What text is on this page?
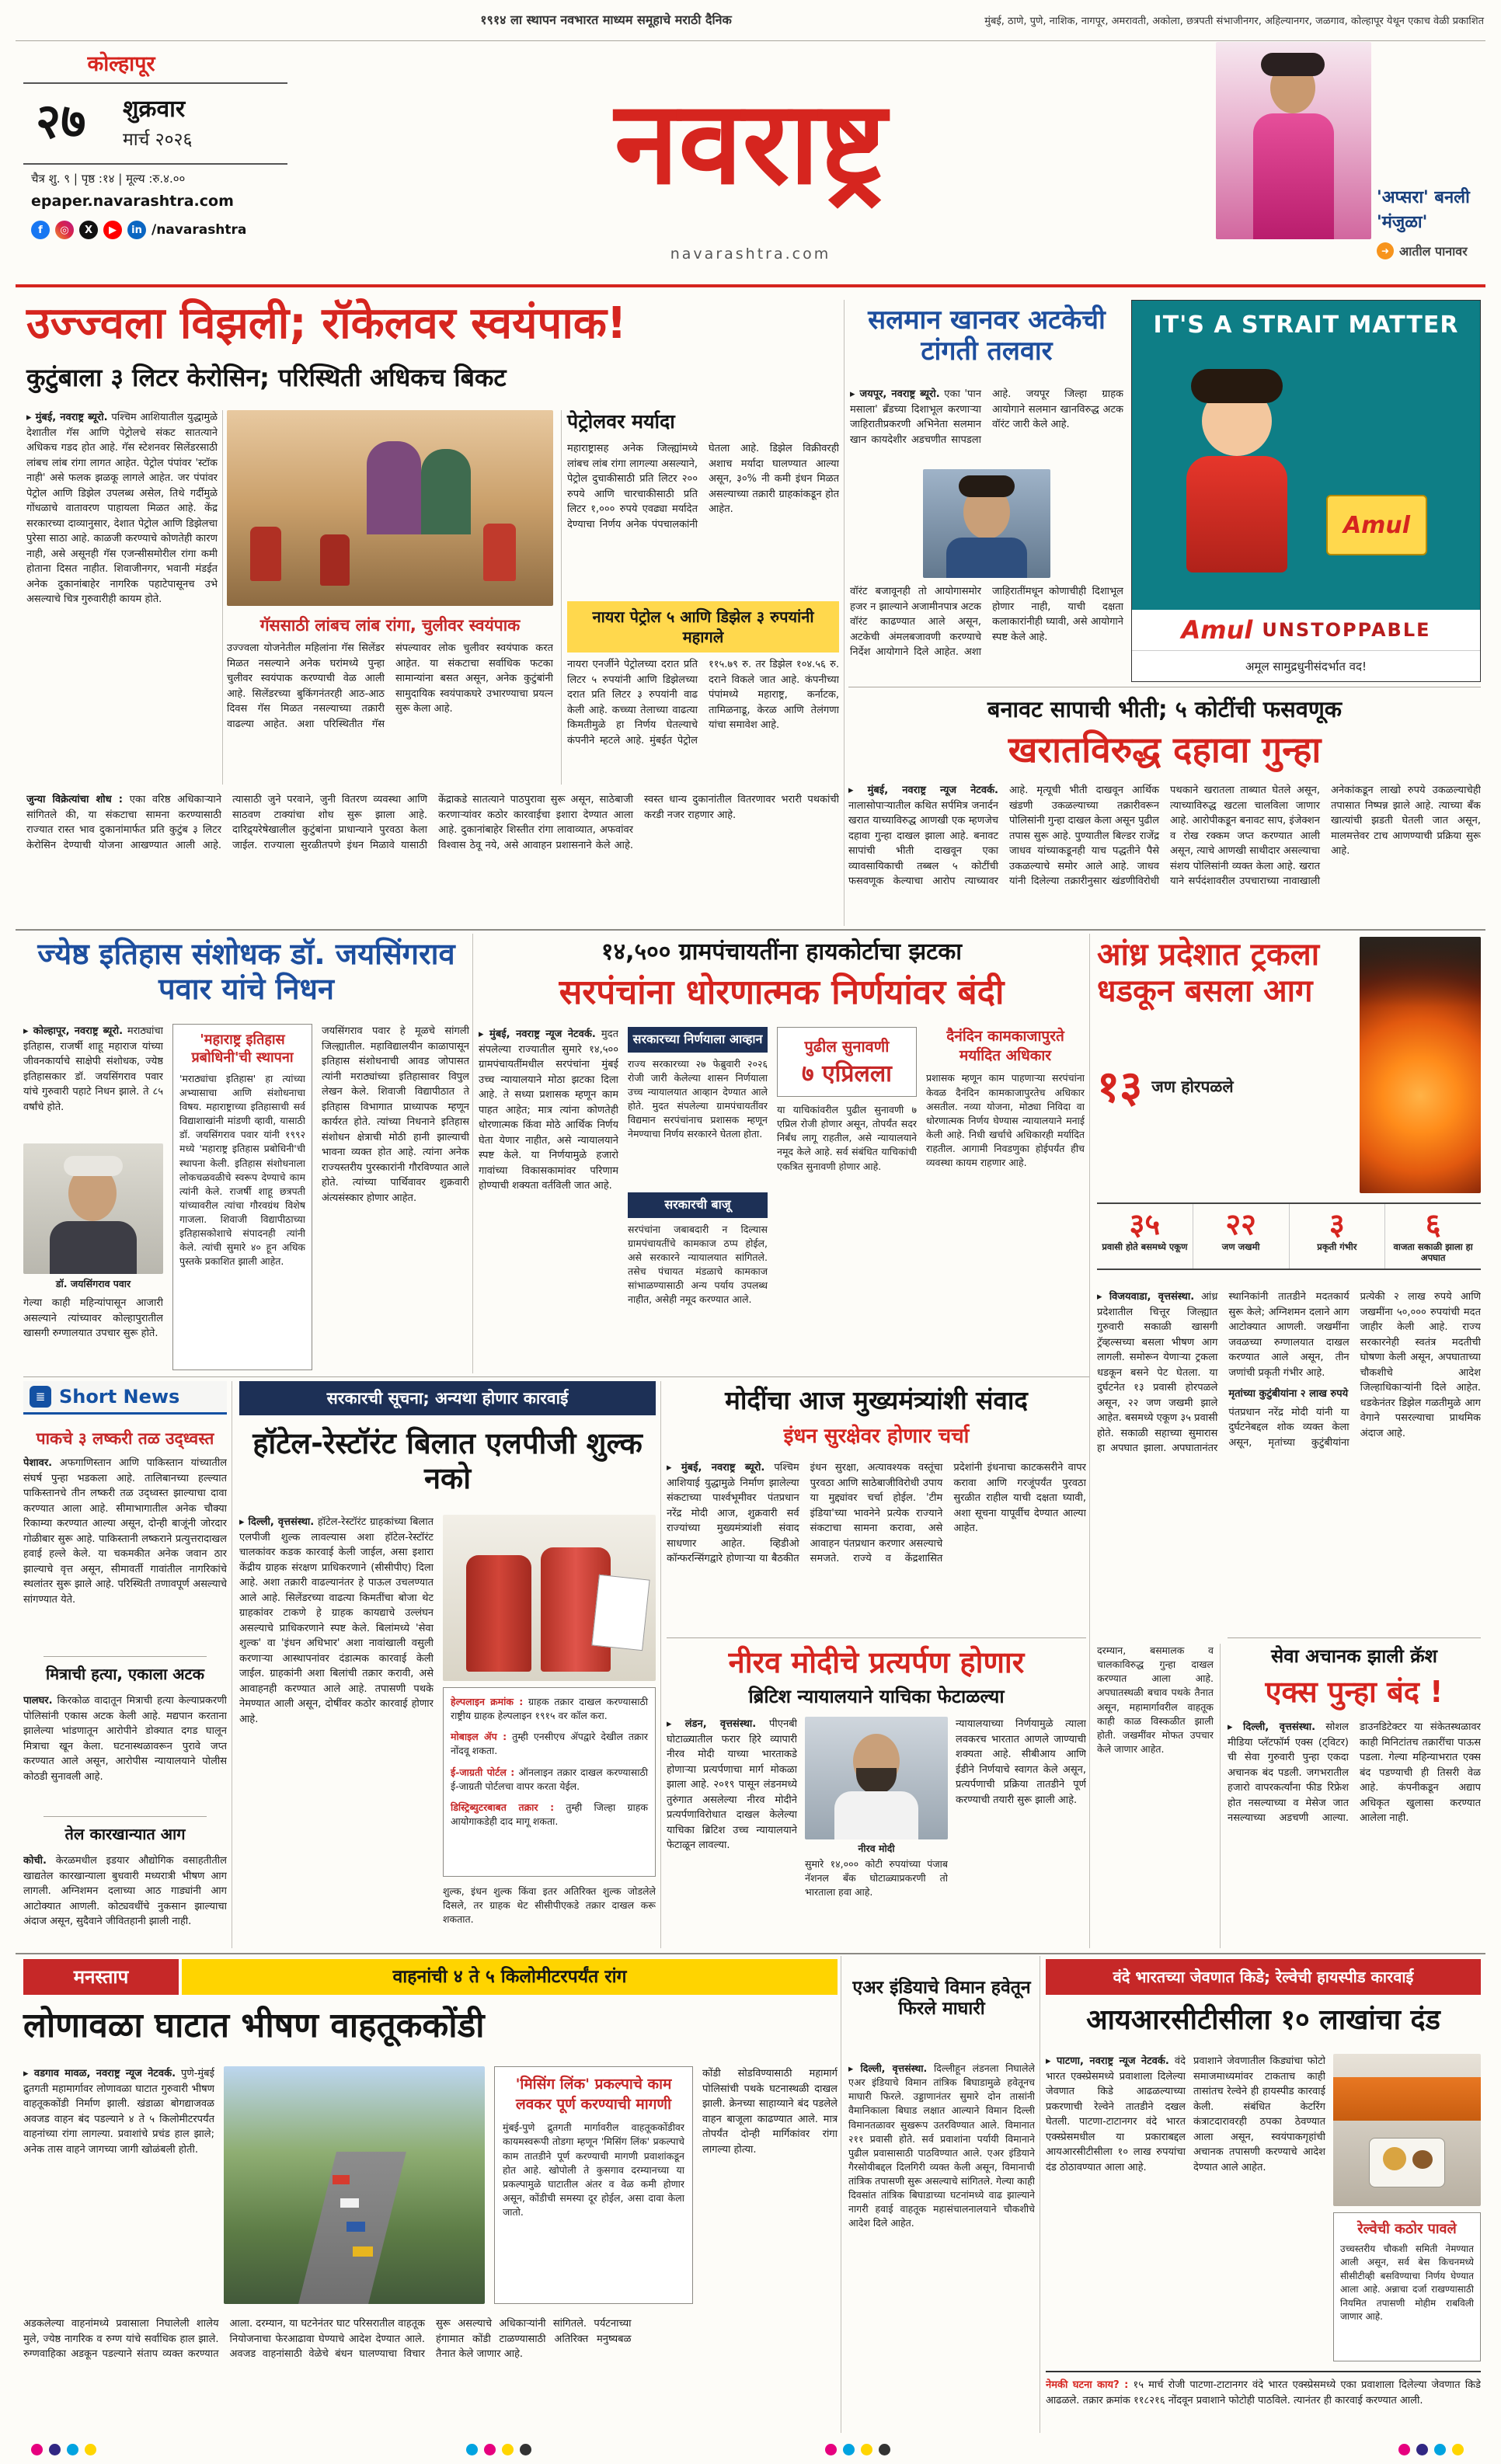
१९१४ ला स्थापन नवभारत माध्यम समूहाचे मराठी दैनिक	मुंबई, ठाणे, पुणे, नाशिक, नागपूर, अमरावती, अकोला, छत्रपती संभाजीनगर, अहिल्यानगर, जळगाव, कोल्हापूर येथून एकाच वेळी प्रकाशित
कोल्हापूर
२७ शुक्रवार
मार्च २०२६
चैत्र शु. ९ | पृष्ठ :१४ | मूल्य :रु.४.००
epaper.navarashtra.com
f	◎	X	▶	in /navarashtra
नवराष्ट्र
navarashtra.com
'अप्सरा' बनली
'मंजुळा'
➜ आतील पानावर
उज्ज्वला विझली; रॉकेलवर स्वयंपाक!
कुटुंबाला ३ लिटर केरोसिन; परिस्थिती अधिकच बिकट
▸ मुंबई, नवराष्ट्र ब्यूरो. पश्चिम आशियातील युद्धामुळे देशातील गॅस आणि पेट्रोलचे संकट सातत्याने अधिकच गडद होत आहे. गॅस स्टेशनवर सिलेंडरसाठी लांबच लांब रांगा लागत आहेत. पेट्रोल पंपांवर 'स्टॉक नाही' असे फलक झळकू लागले आहेत. जर पंपांवर पेट्रोल आणि डिझेल उपलब्ध असेल, तिथे गर्दीमुळे गोंधळाचे वातावरण पाहायला मिळत आहे. केंद्र सरकारच्या दाव्यानुसार, देशात पेट्रोल आणि डिझेलचा पुरेसा साठा आहे. काळजी करण्याचे कोणतेही कारण नाही, असे असूनही गॅस एजन्सीसमोरील रांगा कमी होताना दिसत नाहीत. शिवाजीनगर, भवानी मंडईत अनेक दुकानांबाहेर नागरिक पहाटेपासूनच उभे असल्याचे चित्र गुरुवारीही कायम होते.
गॅससाठी लांबच लांब रांगा, चुलीवर स्वयंपाक
उज्ज्वला योजनेतील महिलांना गॅस सिलेंडर मिळत नसल्याने अनेक घरांमध्ये पुन्हा चुलीवर स्वयंपाक करण्याची वेळ आली आहे. सिलेंडरच्या बुकिंगनंतरही आठ-आठ दिवस गॅस मिळत नसल्याच्या तक्रारी वाढल्या आहेत. अशा परिस्थितीत गॅस संपल्यावर लोक चुलीवर स्वयंपाक करत आहेत. या संकटाचा सर्वाधिक फटका सामान्यांना बसत असून, अनेक कुटुंबांनी सामुदायिक स्वयंपाकघरे उभारण्याचा प्रयत्न सुरू केला आहे.
पेट्रोलवर मर्यादा
महाराष्ट्रासह अनेक जिल्ह्यांमध्ये लांबच लांब रांगा लागल्या असल्याने, पेट्रोल दुचाकीसाठी प्रति लिटर २०० रुपये आणि चारचाकीसाठी प्रति लिटर १,००० रुपये एवढ्या मर्यादेत देण्याचा निर्णय अनेक पंपचालकांनी घेतला आहे. डिझेल विक्रीवरही अशाच मर्यादा घालण्यात आल्या असून, ३०% नी कमी इंधन मिळत असल्याच्या तक्रारी ग्राहकांकडून होत आहेत.
नायरा पेट्रोल ५ आणि डिझेल ३ रुपयांनी महागले
नायरा एनर्जीने पेट्रोलच्या दरात प्रति लिटर ५ रुपयांनी आणि डिझेलच्या दरात प्रति लिटर ३ रुपयांनी वाढ केली आहे. कच्च्या तेलाच्या वाढत्या किमतीमुळे हा निर्णय घेतल्याचे कंपनीने म्हटले आहे. मुंबईत पेट्रोल ११५.७९ रु. तर डिझेल १०४.५६ रु. दराने विकले जात आहे. कंपनीच्या पंपांमध्ये महाराष्ट्र, कर्नाटक, तामिळनाडू, केरळ आणि तेलंगणा यांचा समावेश आहे.
जुन्या विक्रेत्यांचा शोध : एका वरिष्ठ अधिकाऱ्याने सांगितले की, या संकटाचा सामना करण्यासाठी राज्यात रास्त भाव दुकानांमार्फत प्रति कुटुंब ३ लिटर केरोसिन देण्याची योजना आखण्यात आली आहे. त्यासाठी जुने परवाने, जुनी वितरण व्यवस्था आणि साठवण टाक्यांचा शोध सुरू झाला आहे. दारिद्र्यरेषेखालील कुटुंबांना प्राधान्याने पुरवठा केला जाईल. राज्याला सुरळीतपणे इंधन मिळावे यासाठी केंद्राकडे सातत्याने पाठपुरावा सुरू असून, साठेबाजी करणाऱ्यांवर कठोर कारवाईचा इशारा देण्यात आला आहे. दुकानांबाहेर शिस्तीत रांगा लावाव्यात, अफवांवर विश्वास ठेवू नये, असे आवाहन प्रशासनाने केले आहे. स्वस्त धान्य दुकानांतील वितरणावर भरारी पथकांची करडी नजर राहणार आहे.
सलमान खानवर अटकेची टांगती तलवार
▸ जयपूर, नवराष्ट्र ब्यूरो. एका 'पान मसाला' ब्रँडच्या दिशाभूल करणाऱ्या जाहिरातीप्रकरणी अभिनेता सलमान खान कायदेशीर अडचणीत सापडला आहे. जयपूर जिल्हा ग्राहक आयोगाने सलमान खानविरुद्ध अटक वॉरंट जारी केले आहे.
वॉरंट बजावूनही तो आयोगासमोर हजर न झाल्याने अजामीनपात्र अटक वॉरंट काढण्यात आले असून, अटकेची अंमलबजावणी करण्याचे निर्देश आयोगाने दिले आहेत. अशा जाहिरातींमधून कोणाचीही दिशाभूल होणार नाही, याची दक्षता कलाकारांनीही घ्यावी, असे आयोगाने स्पष्ट केले आहे.
IT'S A STRAIT MATTER
Amul
Amul UNSTOPPABLE
अमूल सामुद्रधुनीसंदर्भात वद!
बनावट सापाची भीती; ५ कोटींची फसवणूक
खरातविरुद्ध दहावा गुन्हा
▸ मुंबई, नवराष्ट्र न्यूज नेटवर्क. नालासोपाऱ्यातील कथित सर्पमित्र जनार्दन खरात याच्याविरुद्ध आणखी एक म्हणजेच दहावा गुन्हा दाखल झाला आहे. बनावट सापांची भीती दाखवून एका व्यावसायिकाची तब्बल ५ कोटींची फसवणूक केल्याचा आरोप त्याच्यावर आहे. मृत्यूची भीती दाखवून आर्थिक खंडणी उकळल्याच्या तक्रारीवरून पोलिसांनी गुन्हा दाखल केला असून पुढील तपास सुरू आहे. पुण्यातील बिल्डर राजेंद्र जाधव यांच्याकडूनही याच पद्धतीने पैसे उकळल्याचे समोर आले आहे. जाधव यांनी दिलेल्या तक्रारीनुसार खंडणीविरोधी पथकाने खरातला ताब्यात घेतले असून, त्याच्याविरुद्ध खटला चालविला जाणार आहे. आरोपीकडून बनावट साप, इंजेक्शन व रोख रक्कम जप्त करण्यात आली असून, त्याचे आणखी साथीदार असल्याचा संशय पोलिसांनी व्यक्त केला आहे. खरात याने सर्पदंशावरील उपचाराच्या नावाखाली अनेकांकडून लाखो रुपये उकळल्याचेही तपासात निष्पन्न झाले आहे. त्याच्या बँक खात्यांची झडती घेतली जात असून, मालमत्तेवर टाच आणण्याची प्रक्रिया सुरू आहे.
ज्येष्ठ इतिहास संशोधक डॉ. जयसिंगराव पवार यांचे निधन
▸ कोल्हापूर, नवराष्ट्र ब्यूरो. मराठ्यांचा इतिहास, राजर्षी शाहू महाराज यांच्या जीवनकार्याचे साक्षेपी संशोधक, ज्येष्ठ इतिहासकार डॉ. जयसिंगराव पवार यांचे गुरुवारी पहाटे निधन झाले. ते ८५ वर्षांचे होते.
डॉ. जयसिंगराव पवार
गेल्या काही महिन्यांपासून आजारी असल्याने त्यांच्यावर कोल्हापुरातील खासगी रुग्णालयात उपचार सुरू होते.
'महाराष्ट्र इतिहास प्रबोधिनी'ची स्थापना
'मराठ्यांचा इतिहास' हा त्यांच्या अभ्यासाचा आणि संशोधनाचा विषय. महाराष्ट्राच्या इतिहासाची सर्व विद्याशाखांनी मांडणी व्हावी, यासाठी डॉ. जयसिंगराव पवार यांनी १९९२ मध्ये 'महाराष्ट्र इतिहास प्रबोधिनी'ची स्थापना केली. इतिहास संशोधनाला लोकचळवळीचे स्वरूप देण्याचे काम त्यांनी केले. राजर्षी शाहू छत्रपती यांच्यावरील त्यांचा गौरवग्रंथ विशेष गाजला. शिवाजी विद्यापीठाच्या इतिहासकोशाचे संपादनही त्यांनी केले. त्यांची सुमारे ४० हून अधिक पुस्तके प्रकाशित झाली आहेत.
जयसिंगराव पवार हे मूळचे सांगली जिल्ह्यातील. महाविद्यालयीन काळापासून इतिहास संशोधनाची आवड जोपासत त्यांनी मराठ्यांच्या इतिहासावर विपुल लेखन केले. शिवाजी विद्यापीठात ते इतिहास विभागात प्राध्यापक म्हणून कार्यरत होते. त्यांच्या निधनाने इतिहास संशोधन क्षेत्राची मोठी हानी झाल्याची भावना व्यक्त होत आहे. त्यांना अनेक राज्यस्तरीय पुरस्कारांनी गौरविण्यात आले होते. त्यांच्या पार्थिवावर शुक्रवारी अंत्यसंस्कार होणार आहेत.
१४,५०० ग्रामपंचायतींना हायकोर्टाचा झटका
सरपंचांना धोरणात्मक निर्णयांवर बंदी
▸ मुंबई, नवराष्ट्र न्यूज नेटवर्क. मुदत संपलेल्या राज्यातील सुमारे १४,५०० ग्रामपंचायतींमधील सरपंचांना मुंबई उच्च न्यायालयाने मोठा झटका दिला आहे. ते सध्या प्रशासक म्हणून काम पाहत आहेत; मात्र त्यांना कोणतेही धोरणात्मक किंवा मोठे आर्थिक निर्णय घेता येणार नाहीत, असे न्यायालयाने स्पष्ट केले. या निर्णयामुळे हजारो गावांच्या विकासकामांवर परिणाम होण्याची शक्यता वर्तविली जात आहे.
सरकारच्या निर्णयाला आव्हान
राज्य सरकारच्या २७ फेब्रुवारी २०२६ रोजी जारी केलेल्या शासन निर्णयाला उच्च न्यायालयात आव्हान देण्यात आले होते. मुदत संपलेल्या ग्रामपंचायतींवर विद्यमान सरपंचांनाच प्रशासक म्हणून नेमण्याचा निर्णय सरकारने घेतला होता.
सरकारची बाजू
सरपंचांना जबाबदारी न दिल्यास ग्रामपंचायतींचे कामकाज ठप्प होईल, असे सरकारने न्यायालयात सांगितले. तसेच पंचायत मंडळाचे कामकाज सांभाळण्यासाठी अन्य पर्याय उपलब्ध नाहीत, असेही नमूद करण्यात आले.
पुढील सुनावणी
७ एप्रिलला
या याचिकांवरील पुढील सुनावणी ७ एप्रिल रोजी होणार असून, तोपर्यंत सदर निर्बंध लागू राहतील, असे न्यायालयाने नमूद केले आहे. सर्व संबंधित याचिकांची एकत्रित सुनावणी होणार आहे.
दैनंदिन कामकाजापुरते मर्यादित अधिकार
प्रशासक म्हणून काम पाहणाऱ्या सरपंचांना केवळ दैनंदिन कामकाजापुरतेच अधिकार असतील. नव्या योजना, मोठ्या निविदा वा धोरणात्मक निर्णय घेण्यास न्यायालयाने मनाई केली आहे. निधी खर्चाचे अधिकारही मर्यादित राहतील. आगामी निवडणुका होईपर्यंत हीच व्यवस्था कायम राहणार आहे.
आंध्र प्रदेशात ट्रकला धडकून बसला आग
१३ जण होरपळले
३५
प्रवासी होते बसमध्ये एकूण
२२
जण जखमी
३
प्रकृती गंभीर
६
वाजता सकाळी झाला हा अपघात
▸ विजयवाडा, वृत्तसंस्था. आंध्र प्रदेशातील चित्तूर जिल्ह्यात गुरुवारी सकाळी खासगी ट्रॅव्हल्सच्या बसला भीषण आग लागली. समोरून येणाऱ्या ट्रकला धडकून बसने पेट घेतला. या दुर्घटनेत १३ प्रवासी होरपळले असून, २२ जण जखमी झाले आहेत. बसमध्ये एकूण ३५ प्रवासी होते. सकाळी सहाच्या सुमारास हा अपघात झाला. अपघातानंतर स्थानिकांनी तातडीने मदतकार्य सुरू केले; अग्निशमन दलाने आग आटोक्यात आणली. जखमींना जवळच्या रुग्णालयात दाखल करण्यात आले असून, तीन जणांची प्रकृती गंभीर आहे.
मृतांच्या कुटुंबीयांना २ लाख रुपये
पंतप्रधान नरेंद्र मोदी यांनी या दुर्घटनेबद्दल शोक व्यक्त केला असून, मृतांच्या कुटुंबीयांना प्रत्येकी २ लाख रुपये आणि जखमींना ५०,००० रुपयांची मदत जाहीर केली आहे. राज्य सरकारनेही स्वतंत्र मदतीची घोषणा केली असून, अपघाताच्या चौकशीचे आदेश जिल्हाधिकाऱ्यांनी दिले आहेत. धडकेनंतर डिझेल गळतीमुळे आग वेगाने पसरल्याचा प्राथमिक अंदाज आहे.
दरम्यान, बसमालक व चालकाविरुद्ध गुन्हा दाखल करण्यात आला आहे. अपघातस्थळी बचाव पथके तैनात असून, महामार्गावरील वाहतूक काही काळ विस्कळीत झाली होती. जखमींवर मोफत उपचार केले जाणार आहेत.
≣ Short News
पाकचे ३ लष्करी तळ उद्ध्वस्त
पेशावर. अफगाणिस्तान आणि पाकिस्तान यांच्यातील संघर्ष पुन्हा भडकला आहे. तालिबानच्या हल्ल्यात पाकिस्तानचे तीन लष्करी तळ उद्ध्वस्त झाल्याचा दावा करण्यात आला आहे. सीमाभागातील अनेक चौक्या रिकाम्या करण्यात आल्या असून, दोन्ही बाजूंनी जोरदार गोळीबार सुरू आहे. पाकिस्तानी लष्कराने प्रत्युत्तरादाखल हवाई हल्ले केले. या चकमकीत अनेक जवान ठार झाल्याचे वृत्त असून, सीमावर्ती गावांतील नागरिकांचे स्थलांतर सुरू झाले आहे. परिस्थिती तणावपूर्ण असल्याचे सांगण्यात येते.
मित्राची हत्या, एकाला अटक
पालघर. किरकोळ वादातून मित्राची हत्या केल्याप्रकरणी पोलिसांनी एकास अटक केली आहे. मद्यपान करताना झालेल्या भांडणातून आरोपीने डोक्यात दगड घालून मित्राचा खून केला. घटनास्थळावरून पुरावे जप्त करण्यात आले असून, आरोपीस न्यायालयाने पोलीस कोठडी सुनावली आहे.
तेल कारखान्यात आग
कोची. केरळमधील इडयार औद्योगिक वसाहतीतील खाद्यतेल कारखान्याला बुधवारी मध्यरात्री भीषण आग लागली. अग्निशमन दलाच्या आठ गाड्यांनी आग आटोक्यात आणली. कोट्यवधींचे नुकसान झाल्याचा अंदाज असून, सुदैवाने जीवितहानी झाली नाही.
सरकारची सूचना; अन्यथा होणार कारवाई
हॉटेल-रेस्टॉरंट बिलात एलपीजी शुल्क नको
▸ दिल्ली, वृत्तसंस्था. हॉटेल-रेस्टॉरंट ग्राहकांच्या बिलात एलपीजी शुल्क लावल्यास अशा हॉटेल-रेस्टॉरंट चालकांवर कडक कारवाई केली जाईल, असा इशारा केंद्रीय ग्राहक संरक्षण प्राधिकरणाने (सीसीपीए) दिला आहे. अशा तक्रारी वाढल्यानंतर हे पाऊल उचलण्यात आले आहे. सिलेंडरच्या वाढत्या किमतींचा बोजा थेट ग्राहकांवर टाकणे हे ग्राहक कायद्याचे उल्लंघन असल्याचे प्राधिकरणाने स्पष्ट केले. बिलांमध्ये 'सेवा शुल्क' वा 'इंधन अधिभार' अशा नावांखाली वसुली करणाऱ्या आस्थापनांवर दंडात्मक कारवाई केली जाईल. ग्राहकांनी अशा बिलांची तक्रार करावी, असे आवाहनही करण्यात आले आहे. तपासणी पथके नेमण्यात आली असून, दोषींवर कठोर कारवाई होणार आहे.
हेल्पलाइन क्रमांक : ग्राहक तक्रार दाखल करण्यासाठी राष्ट्रीय ग्राहक हेल्पलाइन १९१५ वर कॉल करा.
मोबाइल ॲप : तुम्ही एनसीएच ॲपद्वारे देखील तक्रार नोंदवू शकता.
ई-जाग्रती पोर्टल : ऑनलाइन तक्रार दाखल करण्यासाठी ई-जाग्रती पोर्टलचा वापर करता येईल.
डिस्ट्रिब्युटरबाबत तक्रार : तुम्ही जिल्हा ग्राहक आयोगाकडेही दाद मागू शकता.
शुल्क, इंधन शुल्क किंवा इतर अतिरिक्त शुल्क जोडलेले दिसले, तर ग्राहक थेट सीसीपीएकडे तक्रार दाखल करू शकतात.
मोदींचा आज मुख्यमंत्र्यांशी संवाद
इंधन सुरक्षेवर होणार चर्चा
▸ मुंबई, नवराष्ट्र ब्यूरो. पश्चिम आशियाई युद्धामुळे निर्माण झालेल्या संकटाच्या पार्श्वभूमीवर पंतप्रधान नरेंद्र मोदी आज, शुक्रवारी सर्व राज्यांच्या मुख्यमंत्र्यांशी संवाद साधणार आहेत. व्हिडीओ कॉन्फरन्सिंगद्वारे होणाऱ्या या बैठकीत इंधन सुरक्षा, अत्यावश्यक वस्तूंचा पुरवठा आणि साठेबाजीविरोधी उपाय या मुद्द्यांवर चर्चा होईल. 'टीम इंडिया'च्या भावनेने प्रत्येक राज्याने संकटाचा सामना करावा, असे आवाहन पंतप्रधान करणार असल्याचे समजते. राज्ये व केंद्रशासित प्रदेशांनी इंधनाचा काटकसरीने वापर करावा आणि गरजूंपर्यंत पुरवठा सुरळीत राहील याची दक्षता घ्यावी, अशा सूचना यापूर्वीच देण्यात आल्या आहेत.
नीरव मोदीचे प्रत्यर्पण होणार
ब्रिटिश न्यायालयाने याचिका फेटाळल्या
▸ लंडन, वृत्तसंस्था. पीएनबी घोटाळ्यातील फरार हिरे व्यापारी नीरव मोदी याच्या भारताकडे होणाऱ्या प्रत्यर्पणाचा मार्ग मोकळा झाला आहे. २०१९ पासून लंडनमध्ये तुरुंगात असलेल्या नीरव मोदीने प्रत्यर्पणाविरोधात दाखल केलेल्या याचिका ब्रिटिश उच्च न्यायालयाने फेटाळून लावल्या.	नीरव मोदी
सुमारे १४,००० कोटी रुपयांच्या पंजाब नॅशनल बँक घोटाळ्याप्रकरणी तो भारताला हवा आहे.
न्यायालयाच्या निर्णयामुळे त्याला लवकरच भारतात आणले जाण्याची शक्यता आहे. सीबीआय आणि ईडीने निर्णयाचे स्वागत केले असून, प्रत्यर्पणाची प्रक्रिया तातडीने पूर्ण करण्याची तयारी सुरू झाली आहे.
सेवा अचानक झाली क्रॅश
एक्स पुन्हा बंद !
▸ दिल्ली, वृत्तसंस्था. सोशल मीडिया प्लॅटफॉर्म एक्स (ट्विटर) ची सेवा गुरुवारी पुन्हा एकदा अचानक बंद पडली. जगभरातील हजारो वापरकर्त्यांना फीड रिफ्रेश होत नसल्याच्या व मेसेज जात नसल्याच्या अडचणी आल्या. डाउनडिटेक्टर या संकेतस्थळावर काही मिनिटांतच तक्रारींचा पाऊस पडला. गेल्या महिन्याभरात एक्स बंद पडण्याची ही तिसरी वेळ आहे. कंपनीकडून अद्याप अधिकृत खुलासा करण्यात आलेला नाही.
मनस्ताप	वाहनांची ४ ते ५ किलोमीटरपर्यंत रांग
लोणावळा घाटात भीषण वाहतूककोंडी
▸ वडगाव मावळ, नवराष्ट्र न्यूज नेटवर्क. पुणे-मुंबई द्रुतगती महामार्गावर लोणावळा घाटात गुरुवारी भीषण वाहतूककोंडी निर्माण झाली. खंडाळा बोगद्याजवळ अवजड वाहन बंद पडल्याने ४ ते ५ किलोमीटरपर्यंत वाहनांच्या रांगा लागल्या. प्रवाशांचे प्रचंड हाल झाले; अनेक तास वाहने जागच्या जागी खोळंबली होती.
'मिसिंग लिंक' प्रकल्पाचे काम लवकर पूर्ण करण्याची मागणी
मुंबई-पुणे द्रुतगती मार्गावरील वाहतूककोंडीवर कायमस्वरूपी तोडगा म्हणून 'मिसिंग लिंक' प्रकल्पाचे काम तातडीने पूर्ण करण्याची मागणी प्रवाशांकडून होत आहे. खोपोली ते कुसगाव दरम्यानच्या या प्रकल्पामुळे घाटातील अंतर व वेळ कमी होणार असून, कोंडीची समस्या दूर होईल, असा दावा केला जातो.
कोंडी सोडविण्यासाठी महामार्ग पोलिसांची पथके घटनास्थळी दाखल झाली. क्रेनच्या साहाय्याने बंद पडलेले वाहन बाजूला काढण्यात आले. मात्र तोपर्यंत दोन्ही मार्गिकांवर रांगा लागल्या होत्या.
अडकलेल्या वाहनांमध्ये प्रवासाला निघालेली शालेय मुले, ज्येष्ठ नागरिक व रुग्ण यांचे सर्वाधिक हाल झाले. रुग्णवाहिका अडकून पडल्याने संताप व्यक्त करण्यात आला. दरम्यान, या घटनेनंतर घाट परिसरातील वाहतूक नियोजनाचा फेरआढावा घेण्याचे आदेश देण्यात आले. अवजड वाहनांसाठी वेळेचे बंधन घालण्याचा विचार सुरू असल्याचे अधिकाऱ्यांनी सांगितले. पर्यटनाच्या हंगामात कोंडी टाळण्यासाठी अतिरिक्त मनुष्यबळ तैनात केले जाणार आहे.
एअर इंडियाचे विमान हवेतून फिरले माघारी
▸ दिल्ली, वृत्तसंस्था. दिल्लीहून लंडनला निघालेले एअर इंडियाचे विमान तांत्रिक बिघाडामुळे हवेतूनच माघारी फिरले. उड्डाणानंतर सुमारे दोन तासांनी वैमानिकाला बिघाड लक्षात आल्याने विमान दिल्ली विमानतळावर सुखरूप उतरविण्यात आले. विमानात २११ प्रवासी होते. सर्व प्रवाशांना पर्यायी विमानाने पुढील प्रवासासाठी पाठविण्यात आले. एअर इंडियाने गैरसोयीबद्दल दिलगिरी व्यक्त केली असून, विमानाची तांत्रिक तपासणी सुरू असल्याचे सांगितले. गेल्या काही दिवसांत तांत्रिक बिघाडाच्या घटनांमध्ये वाढ झाल्याने नागरी हवाई वाहतूक महासंचालनालयाने चौकशीचे आदेश दिले आहेत.
वंदे भारतच्या जेवणात किडे; रेल्वेची हायस्पीड कारवाई
आयआरसीटीसीला १० लाखांचा दंड
▸ पाटणा, नवराष्ट्र न्यूज नेटवर्क. वंदे भारत एक्स्प्रेसमध्ये प्रवाशाला दिलेल्या जेवणात किडे आढळल्याच्या प्रकरणाची रेल्वेने तातडीने दखल घेतली. पाटणा-टाटानगर वंदे भारत एक्स्प्रेसमधील या प्रकाराबद्दल आयआरसीटीसीला १० लाख रुपयांचा दंड ठोठावण्यात आला आहे.
प्रवाशाने जेवणातील किड्यांचा फोटो समाजमाध्यमांवर टाकताच काही तासांतच रेल्वेने ही हायस्पीड कारवाई केली. संबंधित केटरिंग कंत्राटदारावरही ठपका ठेवण्यात आला असून, स्वयंपाकगृहांची अचानक तपासणी करण्याचे आदेश देण्यात आले आहेत.
रेल्वेची कठोर पावले
उच्चस्तरीय चौकशी समिती नेमण्यात आली असून, सर्व बेस किचनमध्ये सीसीटीव्ही बसविण्याचा निर्णय घेण्यात आला आहे. अन्नाचा दर्जा राखण्यासाठी नियमित तपासणी मोहीम राबविली जाणार आहे.
नेमकी घटना काय? : १५ मार्च रोजी पाटणा-टाटानगर वंदे भारत एक्स्प्रेसमध्ये एका प्रवाशाला दिलेल्या जेवणात किडे आढळले. तक्रार क्रमांक ११८२१६ नोंदवून प्रवाशाने फोटोही पाठविले. त्यानंतर ही कारवाई करण्यात आली.
